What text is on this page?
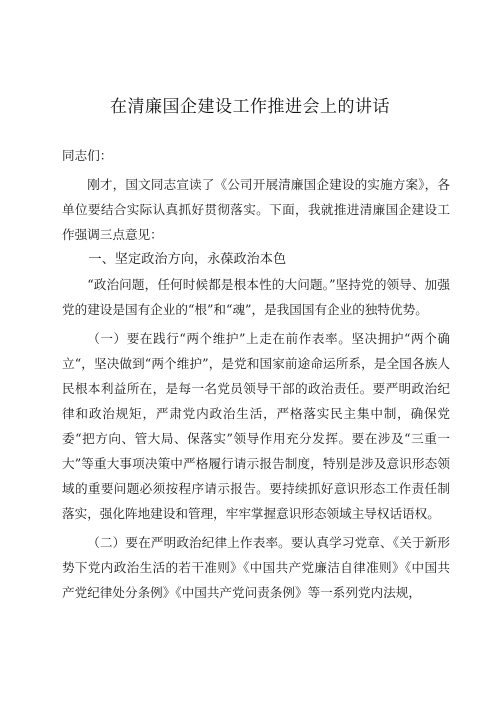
在清廉国企建设工作推进会上的讲话

同志们：

刚才，国文同志宣读了《公司开展清廉国企建设的实施方案》，各单位要结合实际认真抓好贯彻落实。下面，我就推进清廉国企建设工作强调三点意见：

一、坚定政治方向，永葆政治本色

“政治问题，任何时候都是根本性的大问题。”坚持党的领导、加强党的建设是国有企业的“根”和“魂”，是我国国有企业的独特优势。

（一）要在践行“两个维护”上走在前作表率。坚决拥护“两个确立“，坚决做到“两个维护”，是党和国家前途命运所系，是全国各族人民根本利益所在，是每一名党员领导干部的政治责任。要严明政治纪律和政治规矩，严肃党内政治生活，严格落实民主集中制，确保党委“把方向、管大局、保落实”领导作用充分发挥。要在涉及“三重一大”等重大事项决策中严格履行请示报告制度，特别是涉及意识形态领域的重要问题必须按程序请示报告。要持续抓好意识形态工作责任制落实，强化阵地建设和管理，牢牢掌握意识形态领域主导权话语权。

（二）要在严明政治纪律上作表率。要认真学习党章、《关于新形势下党内政治生活的若干准则》《中国共产党廉洁自律准则》《中国共产党纪律处分条例》《中国共产党问责条例》等一系列党内法规，
